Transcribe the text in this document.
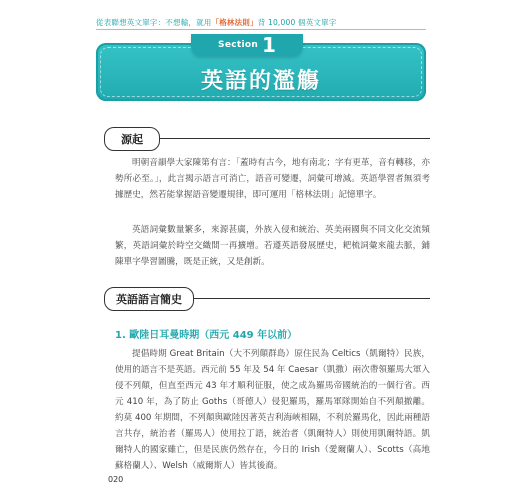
從表聯想英文單字：不想輸，就用「格林法則」背 10,000 個英文單字
Section 1
英語的濫觴
源起
明朝音韻學大家陳第有言：「蓋時有古今，地有南北；字有更革，音有轉移，亦勢所必至。」，此言揭示語言可消亡，語音可變遷，詞彙可增減。英語學習者無須考據歷史，然若能掌握語音變遷規律，即可運用「格林法則」記憶單字。
英語詞彙數量繁多，來源甚廣，外族入侵和統治、英美兩國與不同文化交流頻繁，英語詞彙於時空交織間一再擴增。若遵英語發展歷史，耙梳詞彙來龍去脈，鋪陳單字學習圖騰，既是正統，又是創新。
英語語言簡史
1. 歐陸日耳曼時期（西元 449 年以前）
提倡時期 Great Britain（大不列顛群島）原住民為 Celtics（凱爾特）民族，使用的語言不是英語。西元前 55 年及 54 年 Caesar（凱撒）兩次帶領羅馬大軍入侵不列顛，但直至西元 43 年才順利征服，使之成為羅馬帝國統治的一個行省。西元 410 年，為了防止 Goths（哥德人）侵犯羅馬，羅馬軍隊開始自不列顛撤離。約莫 400 年期間，不列顛與歐陸因著英吉利海峽相隔，不利於羅馬化，因此兩種語言共存，統治者（羅馬人）使用拉丁語，統治者（凱爾特人）則使用凱爾特語。凱爾特人的國家雖亡，但是民族仍然存在，今日的 Irish（愛爾蘭人）、Scotts（高地蘇格蘭人）、Welsh（威爾斯人）皆其後裔。
020
